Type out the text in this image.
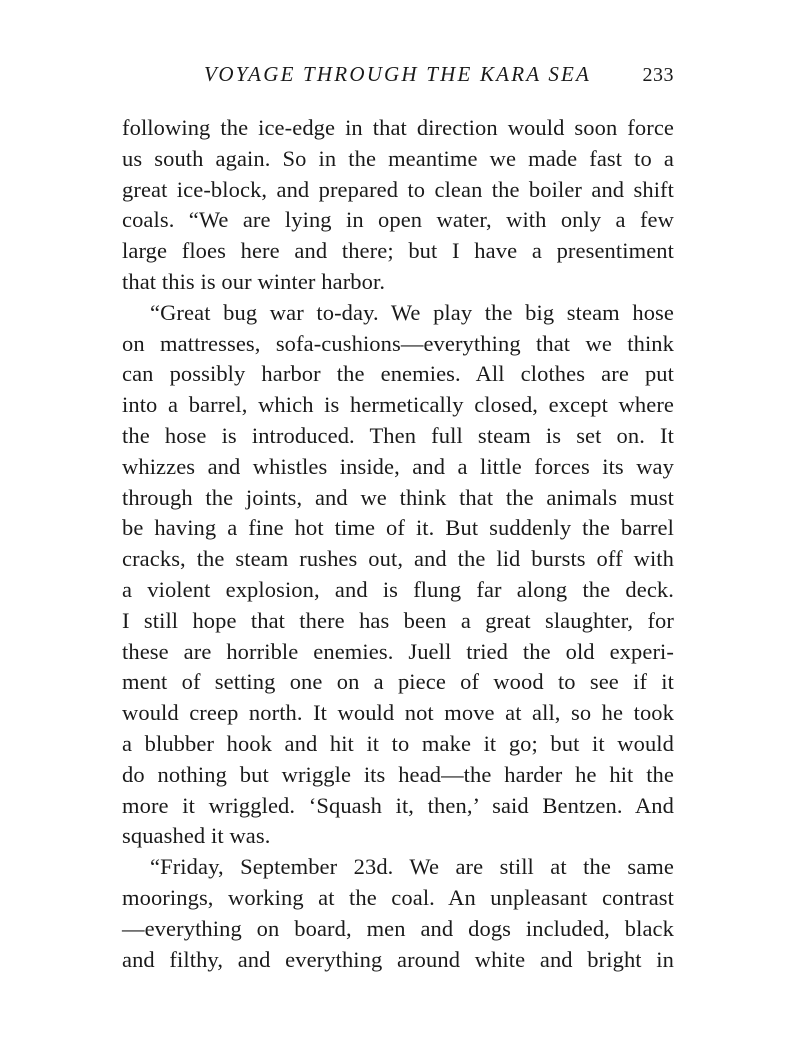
VOYAGE THROUGH THE KARA SEA	233
following the ice-edge in that direction would soon force
us south again. So in the meantime we made fast to a
great ice-block, and prepared to clean the boiler and shift
coals. “We are lying in open water, with only a few
large floes here and there; but I have a presentiment
that this is our winter harbor.
“Great bug war to-day. We play the big steam hose
on mattresses, sofa-cushions—everything that we think
can possibly harbor the enemies. All clothes are put
into a barrel, which is hermetically closed, except where
the hose is introduced. Then full steam is set on. It
whizzes and whistles inside, and a little forces its way
through the joints, and we think that the animals must
be having a fine hot time of it. But suddenly the barrel
cracks, the steam rushes out, and the lid bursts off with
a violent explosion, and is flung far along the deck.
I still hope that there has been a great slaughter, for
these are horrible enemies. Juell tried the old experi-
ment of setting one on a piece of wood to see if it
would creep north. It would not move at all, so he took
a blubber hook and hit it to make it go; but it would
do nothing but wriggle its head—the harder he hit the
more it wriggled. ‘Squash it, then,’ said Bentzen. And
squashed it was.
“Friday, September 23d. We are still at the same
moorings, working at the coal. An unpleasant contrast
—everything on board, men and dogs included, black
and filthy, and everything around white and bright in
